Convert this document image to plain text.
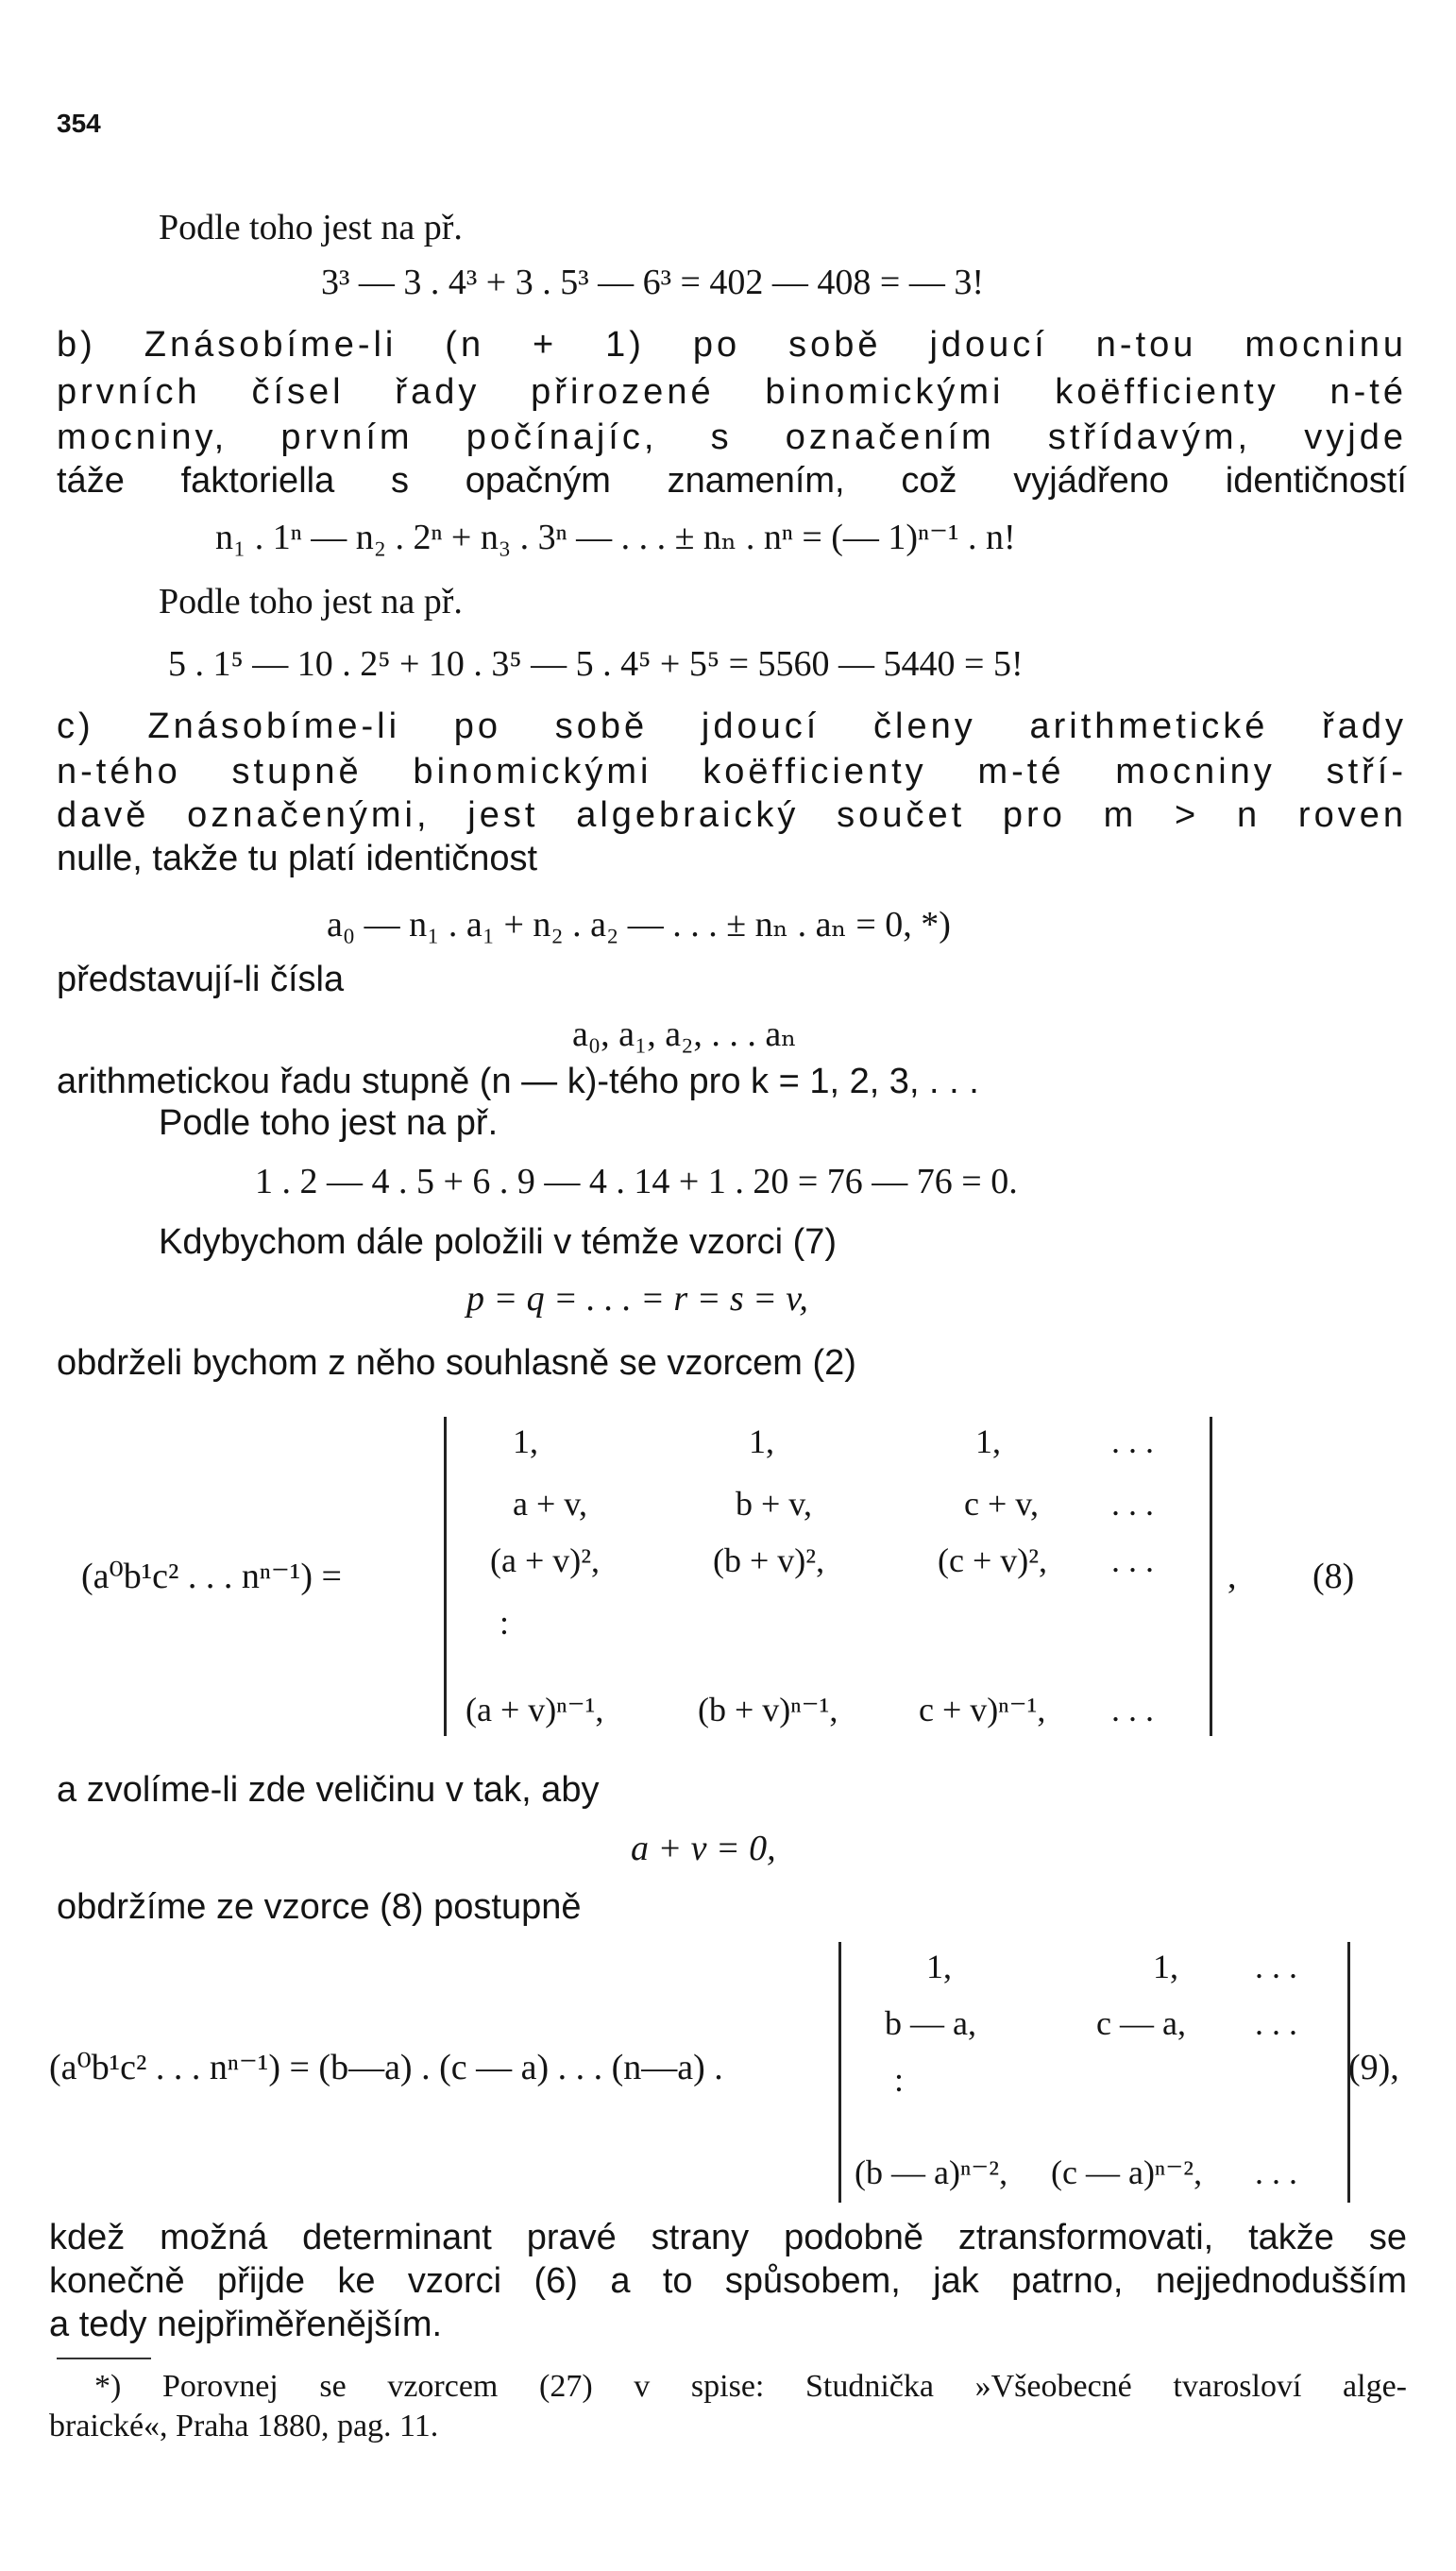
354
Podle toho jest na př.
3³ — 3 . 4³ + 3 . 5³ — 6³ = 402 — 408 = — 3!
b) Znásobíme-li (n + 1) po sobě jdoucí n-tou mocninu
prvních čísel řady přirozené binomickými koëfficienty n-té
mocniny, prvním počínajíc, s označením střídavým, vyjde
táže faktoriella s opačným znamením, což vyjádřeno identičností
n₁ . 1ⁿ — n₂ . 2ⁿ + n₃ . 3ⁿ — . . . ± nₙ . nⁿ = (— 1)ⁿ⁻¹ . n!
Podle toho jest na př.
5 . 1⁵ — 10 . 2⁵ + 10 . 3⁵ — 5 . 4⁵ + 5⁵ = 5560 — 5440 = 5!
c) Znásobíme-li po sobě jdoucí členy arithmetické řady
n-tého stupně binomickými koëfficienty m-té mocniny stří-
davě označenými, jest algebraický součet pro m > n roven
nulle, takže tu platí identičnost
a₀ — n₁ . a₁ + n₂ . a₂ — . . . ± nₙ . aₙ = 0, *)
představují-li čísla
a₀, a₁, a₂, . . . aₙ
arithmetickou řadu stupně (n — k)-tého pro k = 1, 2, 3, . . .
Podle toho jest na př.
1 . 2 — 4 . 5 + 6 . 9 — 4 . 14 + 1 . 20 = 76 — 76 = 0.
Kdybychom dále položili v témže vzorci (7)
p = q = . . . = r = s = v,
obdrželi bychom z něho souhlasně se vzorcem (2)
(a⁰b¹c² . . . nⁿ⁻¹) =
1,	1,	1,	. . .
a + v,	b + v,	c + v, . . .
(a + v)²,	(b + v)²,	(c + v)², . . .
:
(a + v)ⁿ⁻¹,	(b + v)ⁿ⁻¹, c + v)ⁿ⁻¹, . . .
, (8)
a zvolíme-li zde veličinu v tak, aby
a + v = 0,
obdržíme ze vzorce (8) postupně
(a⁰b¹c² . . . nⁿ⁻¹) = (b—a) . (c — a) . . . (n—a) .
1,	1, . . .
b — a,	c — a, . . .
:
(b — a)ⁿ⁻², (c — a)ⁿ⁻², . . .
(9),
kdež možná determinant pravé strany podobně ztransformovati, takže se
konečně přijde ke vzorci (6) a to spůsobem, jak patrno, nejjednodušším
a tedy nejpřiměřenějším.
*) Porovnej se vzorcem (27) v spise: Studnička »Všeobecné tvarosloví alge-
braické«, Praha 1880, pag. 11.
